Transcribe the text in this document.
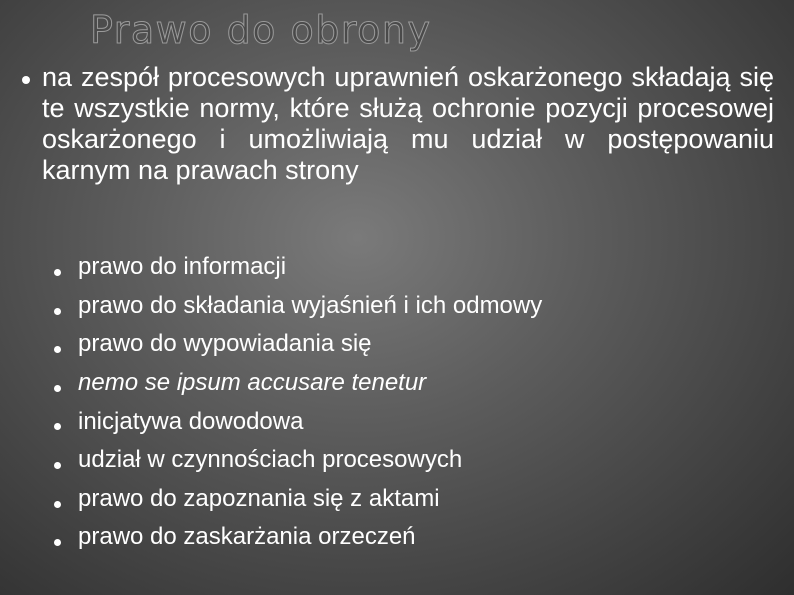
Prawo do obrony
na zespół procesowych uprawnień oskarżonego składają się te wszystkie normy, które służą ochronie pozycji procesowej oskarżonego i umożliwiają mu udział w postępowaniu karnym na prawach strony
prawo do informacji
prawo do składania wyjaśnień i ich odmowy
prawo do wypowiadania się
nemo se ipsum accusare tenetur
inicjatywa dowodowa
udział w czynnościach procesowych
prawo do zapoznania się z aktami
prawo do zaskarżania orzeczeń
